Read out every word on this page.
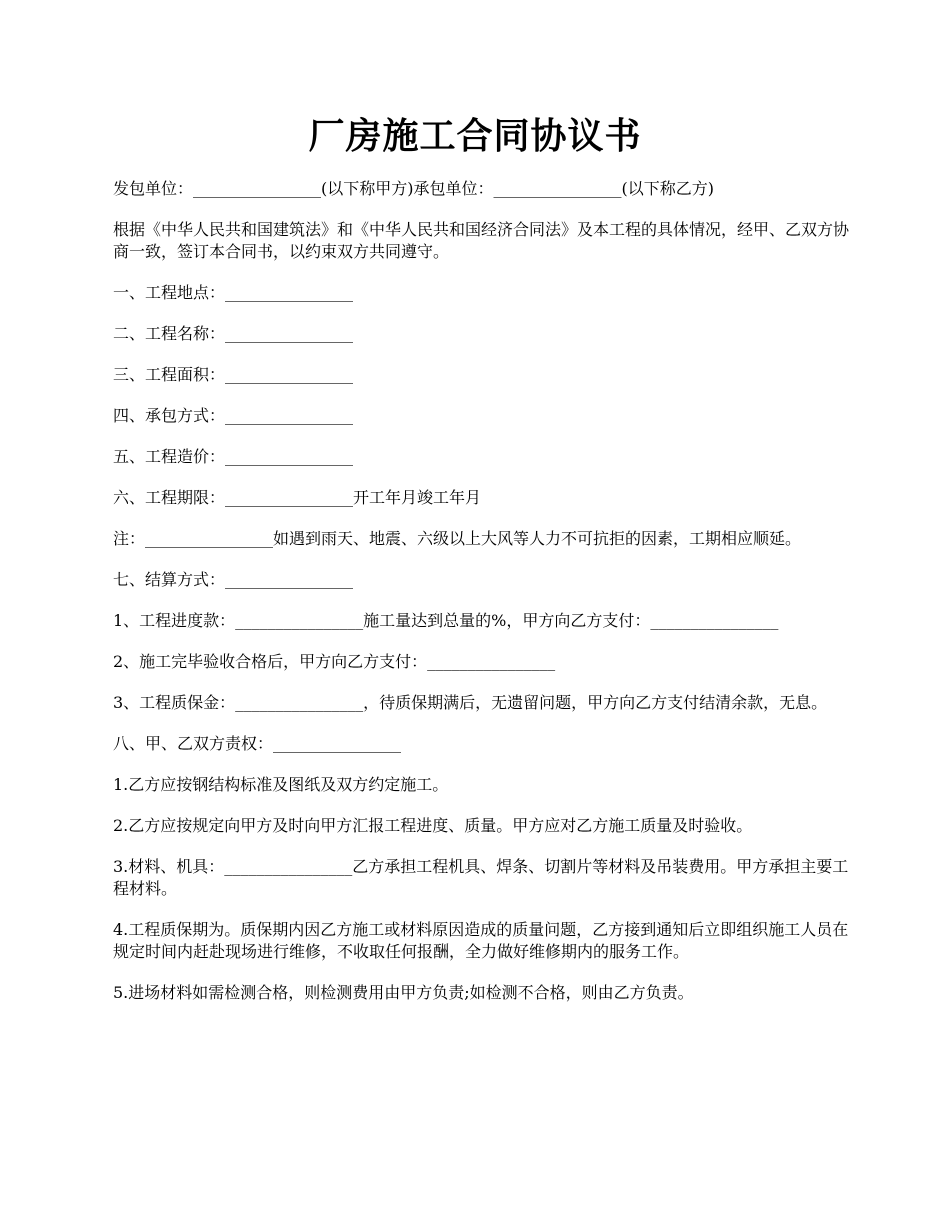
厂房施工合同协议书

发包单位：________________(以下称甲方)承包单位：________________(以下称乙方)

根据《中华人民共和国建筑法》和《中华人民共和国经济合同法》及本工程的具体情况，经甲、乙双方协商一致，签订本合同书，以约束双方共同遵守。

一、工程地点：________________

二、工程名称：________________

三、工程面积：________________

四、承包方式：________________

五、工程造价：________________

六、工程期限：________________开工年月竣工年月

注：________________如遇到雨天、地震、六级以上大风等人力不可抗拒的因素，工期相应顺延。

七、结算方式：________________

1、工程进度款：________________施工量达到总量的%，甲方向乙方支付：________________

2、施工完毕验收合格后，甲方向乙方支付：________________

3、工程质保金：________________，待质保期满后，无遗留问题，甲方向乙方支付结清余款，无息。

八、甲、乙双方责权：________________

1.乙方应按钢结构标准及图纸及双方约定施工。

2.乙方应按规定向甲方及时向甲方汇报工程进度、质量。甲方应对乙方施工质量及时验收。

3.材料、机具：________________乙方承担工程机具、焊条、切割片等材料及吊装费用。甲方承担主要工程材料。

4.工程质保期为。质保期内因乙方施工或材料原因造成的质量问题，乙方接到通知后立即组织施工人员在规定时间内赶赴现场进行维修，不收取任何报酬，全力做好维修期内的服务工作。

5.进场材料如需检测合格，则检测费用由甲方负责;如检测不合格，则由乙方负责。
